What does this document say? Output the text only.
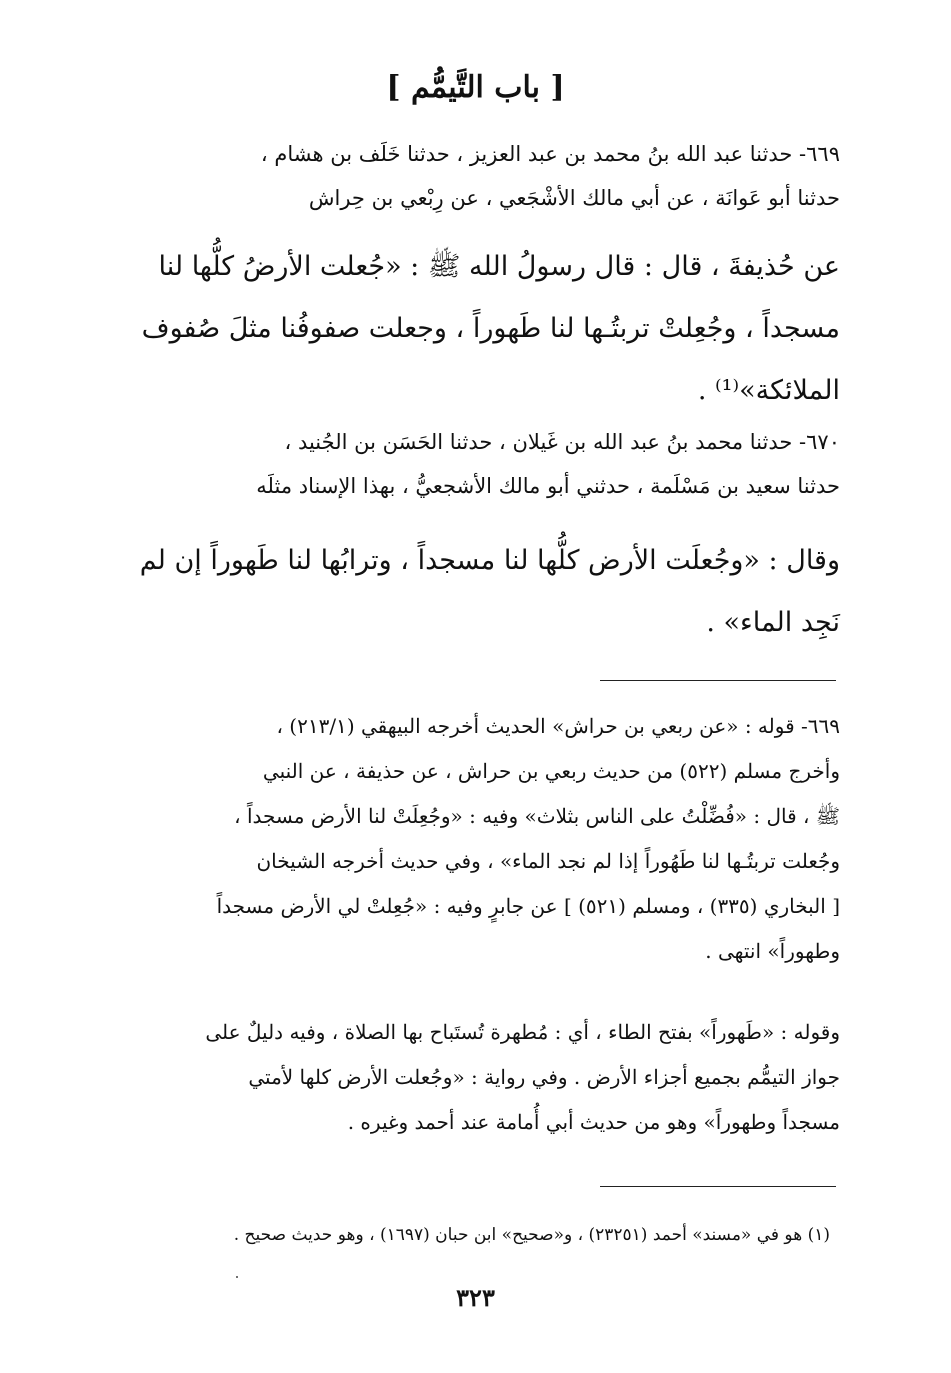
[ باب التَّيمُّم ]
٦٦٩- حدثنا عبد الله بنُ محمد بن عبد العزيز ، حدثنا خَلَف بن هشام ،
حدثنا أبو عَوانَة ، عن أبي مالك الأشْجَعي ، عن رِبْعي بن حِراش
عن حُذيفةَ ، قال : قال رسولُ الله ﷺ : «جُعلت الأرضُ كلُّها لنا
مسجداً ، وجُعِلتْ تربتُـها لنا طَهوراً ، وجعلت صفوفُنا مثلَ صُفوف
الملائكة»⁽¹⁾ .
٦٧٠- حدثنا محمد بنُ عبد الله بن غَيلان ، حدثنا الحَسَن بن الجُنيد ،
حدثنا سعيد بن مَسْلَمة ، حدثني أبو مالك الأشجعيُّ ، بهذا الإسناد مثلَه
وقال : «وجُعلَت الأرض كلُّها لنا مسجداً ، وترابُها لنا طَهوراً إن لم
نَجِد الماء» .
٦٦٩- قوله : «عن ربعي بن حراش» الحديث أخرجه البيهقي (٢١٣/١) ،
وأخرج مسلم (٥٢٢) من حديث ربعي بن حراش ، عن حذيفة ، عن النبي
ﷺ ، قال : «فُضِّلْتُ على الناس بثلاث» وفيه : «وجُعِلَتْ لنا الأرض مسجداً ،
وجُعلت تربتُـها لنا طَهُوراً إذا لم نجد الماء» ، وفي حديث أخرجه الشيخان
[ البخاري (٣٣٥) ، ومسلم (٥٢١) ] عن جابرٍ وفيه : «جُعِلتْ لي الأرض مسجداً
وطهوراً» انتهى .
وقوله : «طَهوراً» بفتح الطاء ، أي : مُطهرة تُستَباح بها الصلاة ، وفيه دليلٌ على
جواز التيمُّم بجميع أجزاء الأرض . وفي رواية : «وجُعلت الأرض كلها لأمتي
مسجداً وطهوراً» وهو من حديث أبي أُمامة عند أحمد وغيره .
(١) هو في «مسند» أحمد (٢٣٢٥١) ، و«صحيح» ابن حبان (١٦٩٧) ، وهو حديث صحيح .
٣٢٣
